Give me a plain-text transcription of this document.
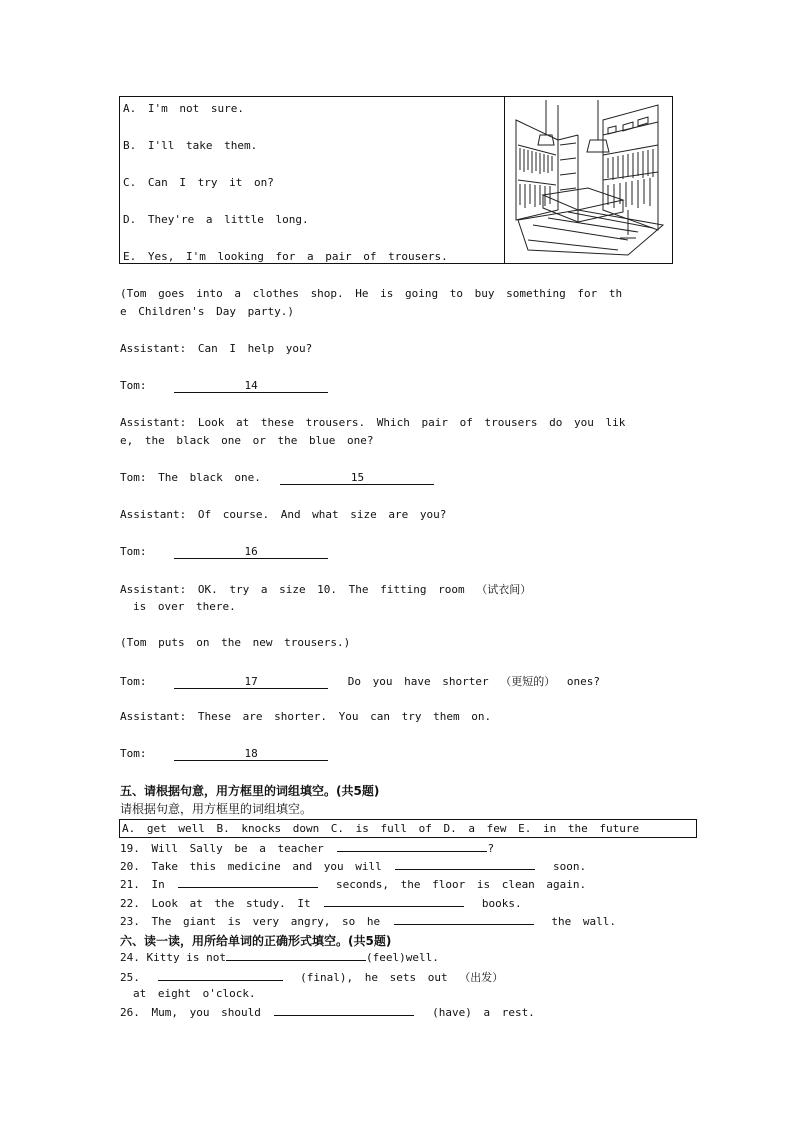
A. I'm not sure.
B. I'll take them.
C. Can I try it on?
D. They're a little long.
E. Yes, I'm looking for a pair of trousers.
(Tom goes into a clothes shop. He is going to buy something for th
e Children's Day party.)
Assistant: Can I help you?
Tom:	14
Assistant: Look at these trousers. Which pair of trousers do you lik
e, the black one or the blue one?
Tom: The black one.	15
Assistant: Of course. And what size are you?
Tom:	16
Assistant: OK. try a size 10. The fitting room （试衣间）
is over there.
(Tom puts on the new trousers.)
Tom:	17	Do you have shorter （更短的） ones?
Assistant: These are shorter. You can try them on.
Tom:	18
五、请根据句意，用方框里的词组填空。(共5题)
请根据句意，用方框里的词组填空。
A. get well B. knocks down C. is full of D. a few E. in the future
19. Will Sally be a teacher	?
20. Take this medicine and you will	soon.
21. In	seconds, the floor is clean again.
22. Look at the study. It	books.
23. The giant is very angry, so he	the wall.
六、读一读，用所给单词的正确形式填空。(共5题)
24. Kitty is not	(feel)well.
25.	(final), he sets out （出发）
at eight o'clock.
26. Mum, you should	(have) a rest.
